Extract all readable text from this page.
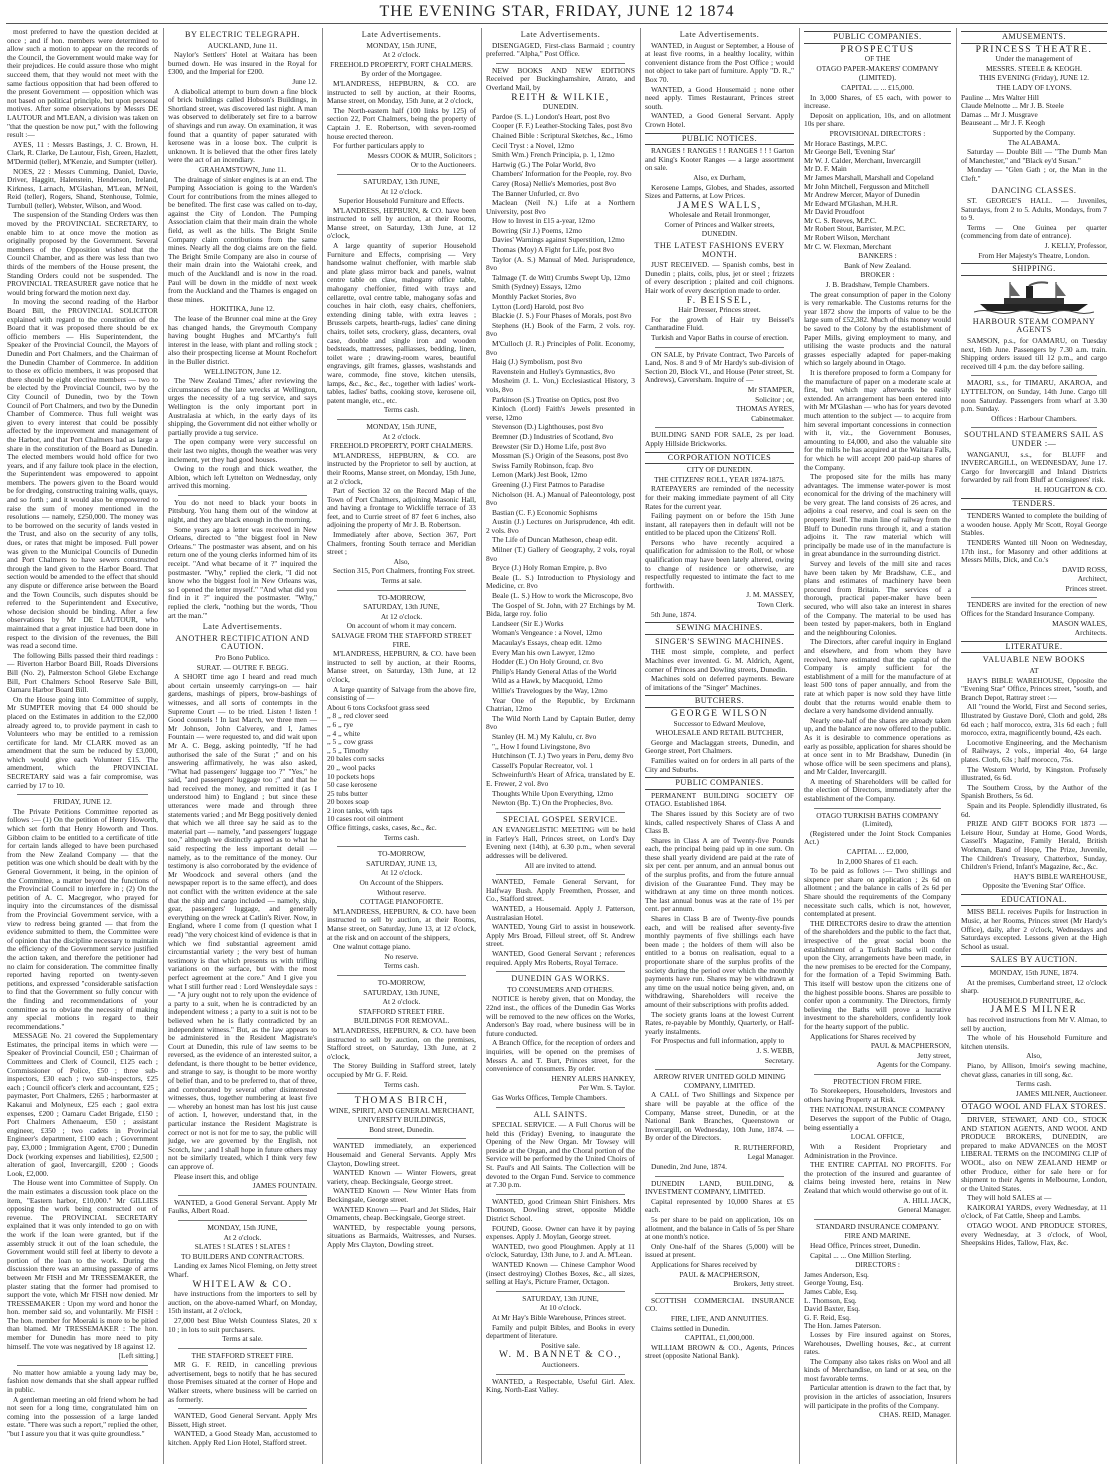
THE EVENING STAR, FRIDAY, JUNE 12 1874
most preferred to have the question decided at once ; and if hon. members were determined to allow such a motion to appear on the records of the Council, the Government would make way for their prejudices. He could assure those who might succeed them, that they would not meet with the same factious opposition that had been offered to the present Government — opposition which was not based on political principle, but upon personal motives. After some observations by Messrs DE LAUTOUR and M'LEAN, a division was taken on "that the question be now put," with the following result :—
AYES, 11 : Messrs Bastings, J. C. Brown, H. Clark, R. Clarke, De Lautour, Fish, Green, Hazlett, M'Dermid (teller), M'Kenzie, and Sumpter (teller).
NOES, 22 : Messrs Cumming, Daniel, Davie, Driver, Haggitt, Halenstein, Henderson, Ireland, Kirkness, Larnach, M'Glashan, M'Lean, M'Neil, Reid (teller), Rogers, Shand, Stenhouse, Tolmie, Turnbull (teller), Webster, Wilson, and Wood.
The suspension of the Standing Orders was then moved by the PROVINCIAL SECRETARY, to enable him to at once move the motion as originally proposed by the Government. Several members of the Opposition wished that the Council Chamber, and as there was less than two thirds of the members of the House present, the Standing Orders could not be suspended. The PROVINCIAL TREASURER gave notice that he would bring forward the motion next day.
In moving the second reading of the Harbor Board Bill, the PROVINCIAL SOLICITOR explained with regard to the constitution of the Board that it was proposed there should be ex officio members — His Superintendent, the Speaker of the Provincial Council, the Mayors of Dunedin and Port Chalmers, and the Chairman of the Dunedin Chamber of Commerce. In addition to those ex officio members, it was proposed that there should be eight elective members — two to be elected by the Provincial Council, two by the City Council of Dunedin, two by the Town Council of Port Chalmers, and two by the Dunedin Chamber of Commerce. Thus full weight was given to every interest that could be possibly affected by the improvement and management of the Harbor, and that Port Chalmers had as large a share in the constitution of the Board as Dunedin. The elected members would hold office for two years, and if any failure took place in the election, the Superintendent was empowered to appoint members. The powers given to the Board would be for dredging, constructing training walls, quays, and so forth ; and it would also be empowered to raise the sum of money mentioned in the resolutions — namely, £250,000. The money was to be borrowed on the security of lands vested in the Trust, and also on the security of any tolls, dues, or rates that might be imposed. Full power was given to the Municipal Councils of Dunedin and Port Chalmers to have sewers constructed through the land given to the Harbor Board. That section would be amended to the effect that should any dispute or difference arise between the Board and the Town Councils, such disputes should be referred to the Superintendent and Executive, whose decision should be binding. After a few observations by Mr DE LAUTOUR, who maintained that a great injustice had been done in respect to the division of the revenues, the Bill was read a second time.
The following Bills passed their third readings :— Riverton Harbor Board Bill, Roads Diversions Bill (No. 2), Palmerston School Glebe Exchange Bill, Port Chalmers School Reserve Sale Bill, Oamaru Harbor Board Bill.
On the House going into Committee of supply, Mr SUMPTER moving that £4 000 should be placed on the Estimates in addition to the £2,000 already agreed to, to provide payment in cash to Volunteers who may be entitled to a remission certificate for land. Mr CLARK moved as an amendment that the sum be reduced by £3,000, which would give each Volunteer £15. The amendment, which the PROVINCIAL SECRETARY said was a fair compromise, was carried by 17 to 10.
FRIDAY, JUNE 12.
The Private Petitions Committee reported as follows :— (1) On the petition of Henry Howorth, which set forth that Henry Howorth and Thos. Gibbon claim to be entitled to a certificate of title for certain lands alleged to have been purchased from the New Zealand Company — that the petition was one which should be dealt with by the General Government, it being, in the opinion of the Committee, a matter beyond the functions of the Provincial Council to interfere in ; (2) On the petition of A. C. Macgregor, who prayed for inquiry into the circumstances of the dismissal from the Provincial Government service, with a view to redress being granted — that from the evidence submitted to them, the Committee were of opinion that the discipline necessary to maintain the efficiency of the Government service justified the action taken, and therefore the petitioner had no claim for consideration. The committee finally reported having reported on twenty-seven petitions, and expressed "considerable satisfaction to find that the Government so fully concur with the finding and recommendations of your committee as to obviate the necessity of making any special motions in regard to their recommendations."
MESSAGE No. 21 covered the Supplementary Estimates, the principal items in which were — Speaker of Provincial Council, £50 ; Chairman of Committees and Clerk of Council, £125 each ; Commissioner of Police, £50 ; three sub-inspectors, £30 each ; two sub-inspectors, £25 each ; Council officer's clerk and accountant, £25 ; paymaster, Port Chalmers, £265 ; harbormaster at Kakanui and Molyneux, £25 each ; gaol extra expenses, £200 ; Oamaru Cadet Brigade, £150 ; Port Chalmers Athenaeum, £50 ; assistant engineer, £350 ; two cadets in Provincial Engineer's department, £100 each ; Government pay, £3,000 ; Immigration Agent, £700 ; Dunedin Dock (working expenses and liabilities), £2,500 ; alteration of gaol, Invercargill, £200 ; Goods Look, £2,000.
The House went into Committee of Supply. On the main estimates a discussion took place on the item, "Eastern harbor, £10,000." Mr GILLIES opposing the work being constructed out of revenue. The PROVINCIAL SECRETARY explained that it was only intended to go on with the work if the loan were granted, but if the assembly struck it out of the loan schedule, the Government would still feel at liberty to devote a portion of the loan to the work. During the discussion there was an amusing passage of arms between Mr FISH and Mr TRESSEMAKER, the plaster stating that the former had promised to support the vote, which Mr FISH now denied. Mr TRESSEMAKER : Upon my word and honor the hon. member said so, and voluntarily. Mr FISH : The hon. member for Moeraki is more to be pitied than blamed. Mr TRESSEMAKER : The hon. member for Dunedin has more need to pity himself. The vote was negatived by 18 against 12.
[Left sitting.]
No matter how amiable a young lady may be, fashion now demands that she shall appear ruffled in public.
A gentleman meeting an old friend whom he had not seen for a long time, congratulated him on coming into the possession of a large landed estate. "There was such a report," replied the other, "but I assure you that it was quite groundless."
BY ELECTRIC TELEGRAPH.
AUCKLAND, June 11.
Naylor's Settlers' Hotel at Waitara has been burned down. He was insured in the Royal for £300, and the Imperial for £200.
June 12.
A diabolical attempt to burn down a fine block of brick buildings called Hobson's Buildings, in Shortland street, was discovered last night. A man was observed to deliberately set fire to a barrow of shavings and run away. On examination, it was found that a quantity of paper saturated with kerosene was in a loose box. The culprit is unknown. It is believed that the other fires lately were the act of an incendiary.
GRAHAMSTOWN, June 11.
The drainage of sinker engines is at an end. The Pumping Association is going to the Warden's Court for contributions from the mines alleged to be benefited. The first case was called on to-day, against the City of London. The Pumping Association claim that their main drain the whole field, as well as the hills. The Bright Smile Company claim contributions from the same mines. Nearly all the dog claims are on the field. The Bright Smile Company are also in course of their main drain into the Waiotahi creek, and much of the Aucklandl and is now in the road. Paul will be down in the middle of next week from the Auckland and the Thames is engaged on these mines.
HOKITIKA, June 12.
The lease of the Brunner coal mine at the Grey has changed hands, the Greymouth Company having bought Hughes and M'Carthy's full interest in the lease, with plant and rolling stock ; also their prospecting license at Mount Rochefort in the Buller district.
WELLINGTON, June 12.
The 'New Zealand Times,' after reviewing the circumstances of the late wrecks at Wellington, urges the necessity of a tug service, and says Wellington is the only important port in Australasia at which, in the early days of its shipping, the Government did not either wholly or partially provide a tug service.
The open company were very successful on their last two nights, though the weather was very inclement, yet they had good houses.
Owing to the rough and thick weather, the Albion, which left Lyttelton on Wednesday, only arrived this morning.
You do not need to black your boots in Pittsburg. You hang them out of the window at night, and they are black enough in the morning.
Some years ago a letter was received in New Orleans, directed to "the biggest fool in New Orleans." The postmaster was absent, and on his return one of the young clerks informed him of its receipt. "And what became of it ?" inquired the postmaster. "Why," replied the clerk, "I did not know who the biggest fool in New Orleans was, so I opened the letter myself." "And what did you find in it ?" inquired the postmaster. "Why," replied the clerk, "nothing but the words, 'Thou art the man.'"
Late Advertisements.
ANOTHER RECTIFICATION AND CAUTION.
Pro Bono Publico.
SURAT. — OUTRE F. BEGG.
A SHORT time ago I heard and read much about certain unseemly carryings-on — hair gardens, mashings of pipers, brow-bashings of witnesses, and all sorts of contempts in the Supreme Court — to be tried. Listen ! listen ! Good counsels ! In last March, we three men — Mr Johnson, John Calverey, and I, James Fountain — were requested to, and did wait upon Mr A. C. Begg, asking pointedly, "If he had authorised the sale of the Surat ;" and on his answering affirmatively, he was also asked, "What had passengers' luggage too ?" "Yes," he said, "and passengers' luggage too ;" and that he had received the money, and remitted it (as I understood him) to England ; but since these utterances were made and through three statements varied ; and Mr Begg positively denied that which we all three say he said as to the material part — namely, "and passengers' luggage too," although we distinctly agreed as to what he said respecting the less important detail — namely, as to the remittance of the money. Our testimony is also corroborated by the evidence of Mr Woodcock and several others (and the newspaper report is to the same effect), and does not conflict with the written evidence at the sale that the ship and cargo included — namely, ship, gear, passengers' luggage, and generally everything on the wreck at Catlin's River. Now, in England, where I come from (I question what I read) "the very choicest kind of evidence is that in which we find substantial agreement amid circumstantial variety ; the very best of human testimony is that which presents us with trifling variations on the surface, but with the most perfect agreement at the core." And I give you what I still further read : Lord Wensleydale says :— "A jury ought not to rely upon the evidence of a party to a suit, when he is contradicted by an independent witness ; a party to a suit is not to be believed when he is flatly contradicted by an independent witness." But, as the law appears to be administered in the Resident Magistrate's Court at Dunedin, this rule of law seems to be reversed, as the evidence of an interested suitor, a defendant, is there thought to be better evidence, and strange to say, is thought to be more worthy of belief than, and to be preferred to, that of three, and corroborated by several other disinterested witnesses, thus, together numbering at least five — whereby an honest man has lost his just cause of action. I, however, understand that, in the particular instance the Resident Magistrate is correct or not is not for me to say, the public will judge, we are governed by the English, not Scotch, law ; and I shall hope in future others may not be similarly treated, which I think very few can approve of.
Please insert this, and oblige
JAMES FOUNTAIN.
WANTED, a Good General Servant. Apply Mr Faulks, Albert Road.
MONDAY, 15th JUNE,
At 2 o'clock.
SLATES ! SLATES ! SLATES !
TO BUILDERS AND CONTRACTORS.
Landing ex James Nicol Fleming, on Jetty street Wharf.
WHITELAW & CO.
have instructions from the importers to sell by auction, on the above-named Wharf, on Monday, 15th instant, at 2 o'clock,
27,000 best Blue Welsh Countess Slates, 20 x 10 ; in lots to suit purchasers.
Terms at sale.
THE STAFFORD STREET FIRE.
MR G. F. REID, in cancelling previous advertisement, begs to notify that he has secured those Premises situated at the corner of Hope and Walker streets, where business will be carried on as formerly.
WANTED, Good General Servant. Apply Mrs Bissett, High street.
WANTED, a Good Steady Man, accustomed to kitchen. Apply Red Lion Hotel, Stafford street.
Late Advertisements.
MONDAY, 15th JUNE,
At 2 o'clock.
FREEHOLD PROPERTY, FORT CHALMERS.
By order of the Mortgagee.
M'LANDRESS, HEPBURN, & CO. are instructed to sell by auction, at their Rooms, Manse street, on Monday, 15th June, at 2 o'clock,
The North-eastern half (100 links by 125) of section 22, Port Chalmers, being the property of Captain J. E. Robertson, with seven-roomed house erected thereon.
For further particulars apply to
Messrs COOK & MUIR, Solicitors ;
Or to the Auctioneers.
SATURDAY, 13th JUNE,
At 12 o'clock.
Superior Household Furniture and Effects.
M'LANDRESS, HEPBURN, & CO. have been instructed to sell by auction, at their Rooms, Manse street, on Saturday, 13th June, at 12 o'clock,
A large quantity of superior Household Furniture and Effects, comprising — Very handsome walnut cheffonier, with marble slab and plate glass mirror back and panels, walnut centre table on claw, mahogany office table, mahogany cheffonier, fitted with trays and cellarette, oval centre table, mahogany sofas and couches in hair cloth, easy chairs, cheffoniers, extending dining table, with extra leaves ; Brussels carpets, hearth-rugs, ladies' cane dining chairs, toilet sets, crockery, glass, decanters, oval case, double and single iron and wooden bedsteads, mattresses, palliasses, bedding, linen, toilet ware ; drawing-room wares, beautiful engravings, gilt frames, glasses, washstands and ware, commode, fine stove, kitchen utensils, lamps, &c., &c., &c., together with ladies' work-tables, ladies' baths, cooking stove, kerosene oil, patent mangle, etc., etc.
Terms cash.
MONDAY, 15th JUNE,
At 2 o'clock.
FREEHOLD PROPERTY, PORT CHALMERS.
M'LANDRESS, HEPBURN, & CO. are instructed by the Proprietor to sell by auction, at their Rooms, Manse street, on Monday, 15th June, at 2 o'clock,
Part of Section 32 on the Record Map of the Town of Port Chalmers, adjoining Masonic Hall, and having a frontage to Wickliffe terrace of 33 feet, and to Currie street of 87 feet 6 inches, also adjoining the property of Mr J. B. Robertson.
Immediately after above, Section 367, Port Chalmers, fronting South terrace and Meridian street ;
Also,
Section 315, Port Chalmers, fronting Fox street.
Terms at sale.
TO-MORROW,
SATURDAY, 13th JUNE,
At 12 o'clock.
On account of whom it may concern.
SALVAGE FROM THE STAFFORD STREET FIRE.
M'LANDRESS, HEPBURN, & CO. have been instructed to sell by auction, at their Rooms, Manse street, on Saturday, 13th June, at 12 o'clock,
A large quantity of Salvage from the above fire, consisting of —
About 6 tons Cocksfoot grass seed
,, 8 ,, red clover seed
,, 6 ,, rye
,, 4 ,, white
,, 5 ,, cow grass
,, 5 ,, Timothy
20 bales corn sacks
20 ,, wool packs
10 pockets hops
50 case kerosene
25 tubs butter
20 boxes soap
2 iron tanks, with taps
10 cases root oil ointment
Office fittings, casks, cases, &c., &c.
Terms cash.
TO-MORROW,
SATURDAY, JUNE 13,
At 12 o'clock.
On Account of the Shippers.
Without reserve.
COTTAGE PIANOFORTE.
M'LANDRESS, HEPBURN, & CO. have been instructed to sell by auction, at their Rooms, Manse street, on Saturday, June 13, at 12 o'clock, at the risk and on account of the shippers,
One walnut cottage piano.
No reserve.
Terms cash.
TO-MORROW,
SATURDAY, 13th JUNE,
At 2 o'clock.
STAFFORD STREET FIRE.
BUILDINGS FOR REMOVAL.
M'LANDRESS, HEPBURN, & CO. have been instructed to sell by auction, on the premises, Stafford street, on Saturday, 13th June, at 2 o'clock,
The Storey Building in Stafford street, lately occupied by Mr G. F. Reid.
Terms cash.
THOMAS BIRCH,
WINE, SPIRIT, AND GENERAL MERCHANT,
UNIVERSITY BUILDINGS,
Bond street, Dunedin.
WANTED immediately, an experienced Housemaid and General Servants. Apply Mrs Clayton, Dowling street.
WANTED Known — Winter Flowers, great variety, cheap. Beckingsale, George street.
WANTED Known — New Winter Hats from Beckingsale, George street.
WANTED Known — Pearl and Jet Slides, Hair Ornaments, cheap. Beckingsale, George street.
WANTED, by respectable young persons, situations as Barmaids, Waitresses, and Nurses. Apply Mrs Clayton, Dowling street.
Late Advertisements.
DISENGAGED, First-class Barmaid ; country preferred. "Alpha," Post Office.
NEW BOOKS AND NEW EDITIONS Received per Buckinghamshire, Atrato, and Overland Mail, by
REITH & WILKIE,
DUNEDIN.
Pardoe (S. L.) London's Heart, post 8vo
Cooper (F. F.) Leather-Stocking Tales, post 8vo
Chained Bible : Scriptural Sketches, &c., 16mo
Cecil Tryst : a Novel, 12mo
Smith Wm.) French Principia, p. 1, 12mo
Hartwig (G.) The Polar World, 8vo
Chambers' Information for the People, roy. 8vo
Carey (Rosa) Nellie's Memories, post 8vo
The Banner Unfurled, cr. 8vo
Maclean (Neil N.) Life at a Northern University, post 8vo
How to Invest in £15 a-year, 12mo
Bowring (Sir J.) Poems, 12mo
Davies' Warnings against Superstition, 12mo
Thomas (Moy) A Fight for Life, post 8vo
Taylor (A. S.) Manual of Med. Jurisprudence, 8vo
Talmage (T. de Witt) Crumbs Swept Up, 12mo
Smith (Sydney) Essays, 12mo
Monthly Packet Stories, 8vo
Lytton (Lord) Harold, post 8vo
Blackie (J. S.) Four Phases of Morals, post 8vo
Stephens (H.) Book of the Farm, 2 vols. roy. 8vo
M'Culloch (J. R.) Principles of Polit. Economy, 8vo
Haig (J.) Symbolism, post 8vo
Ravenstein and Hulley's Gymnastics, 8vo
Mosheim (J. L. Von,) Ecclesiastical History, 3 vols, 8vo
Parkinson (S.) Treatise on Optics, post 8vo
Kinloch (Lord) Faith's Jewels presented in verse, 12mo
Stevenson (D.) Lighthouses, post 8vo
Bremner (D.) Industries of Scotland, 8vo
Brewster (Sir D.) Home Life, post 8vo
Mossman (S.) Origin of the Seasons, post 8vo
Swiss Family Robinson, fcap. 8vo
Lemon (Mark) Jest Book, 12mo
Greening (J.) First Patmos to Paradise
Nicholson (H. A.) Manual of Paleontology, post 8vo
Bastian (C. F.) Economic Sophisms
Austin (J.) Lectures on Jurisprudence, 4th edit. 2 vols. 8vo
The Life of Duncan Matheson, cheap edit.
Milner (T.) Gallery of Geography, 2 vols, royal 8vo
Bryce (J.) Holy Roman Empire, p. 8vo
Beale (L. S.) Introduction to Physiology and Medicine, cr. 8vo
Beale (L. S.) How to work the Microscope, 8vo
The Gospel of St. John, with 27 Etchings by M. Bida, large roy. folio
Landseer (Sir E.) Works
Woman's Vengeance : a Novel, 12mo
Macaulay's Essays, cheap edit. 12mo
Every Man his own Lawyer, 12mo
Hodder (E.) On Holy Ground, cr. 8vo
Philip's Handy General Atlas of the World
Wild as a Hawk, by Macquoid, 12mo
Willie's Travelogues by the Way, 12mo
Year One of the Republic, by Erckmann Chatrian, 12mo
The Wild North Land by Captain Butler, demy 8vo
Stanley (H. M.) My Kalulu, cr. 8vo
",, How I found Livingstone, 8vo
Hutchinson (T. J.) Two years in Peru, demy 8vo
Cassell's Popular Recreator, vol. 1
Schweinfurth's Heart of Africa, translated by E. E. Frewer, 2 vol. 8vo
Thoughts While Upon Everything, 12mo
Newton (Bp. T.) On the Prophecies, 8vo.
SPECIAL GOSPEL SERVICE.
AN EVANGELISTIC MEETING will be held in Farley's Hall, Princes street, on Lord's Day Evening next (14th), at 6.30 p.m., when several addresses will be delivered.
All are invited to attend.
WANTED, Female General Servant, for Halfway Bush. Apply Freemthen, Prosser, and Co., Stafford street.
WANTED, a Housemaid. Apply J. Patterson, Australasian Hotel.
WANTED, Young Girl to assist in housework. Apply Mrs Broad, Filleul street, off St. Andrew street.
WANTED, Good General Servant ; references required. Apply Mrs Roberts, Royal Terrace.
DUNEDIN GAS WORKS.
TO CONSUMERS AND OTHERS.
NOTICE is hereby given, that on Monday, the 22nd inst., the offices of the Dunedin Gas Works will be removed to the new offices on the Works, Anderson's Bay road, where business will be in future conducted.
A Branch Office, for the reception of orders and inquiries, will be opened on the premises of Messrs A. and T. Burt, Princes street, for the convenience of consumers. By order.
HENRY ALERS HANKEY,
Per Wm. S. Taylor.
Gas Works Offices, Temple Chambers.
ALL SAINTS.
SPECIAL SERVICE. — A Full Chorus will be held this (Friday) Evening, to inaugurate the Opening of the New Organ. Mr Towsey will preside at the Organ, and the Choral portion of the Service will be performed by the United Choirs of St. Paul's and All Saints. The Collection will be devoted to the Organ Fund. Service to commence at 7.30 p.m.
WANTED, good Crimean Shirt Finishers. Mrs Thomson, Dowling street, opposite Middle District School.
FOUND, Goose. Owner can have it by paying expenses. Apply J. Moylan, George street.
WANTED, two good Ploughmen. Apply at 11 o'clock, Saturday, 13th June, to J. and A. M'Lean.
WANTED Known — Chinese Camphor Wood (insect destroying) Clothes Boxes, &c., all sizes, selling at Hay's, Picture Framer, Octagon.
SATURDAY, 13th JUNE,
At 10 o'clock.
At Mr Hay's Bible Warehouse, Princes street.
Family and pulpit Bibles, and Books in every department of literature.
Positive sale.
W. M. BANNET & CO.,
Auctioneers.
WANTED, a Respectable, Useful Girl. Alex. King, North-East Valley.
Late Advertisements.
WANTED, in August or September, a House of at least five rooms, in a healthy locality, within convenient distance from the Post Office ; would not object to take part of furniture. Apply "D. R.," Box 70.
WANTED, a Good Housemaid ; none other need apply. Times Restaurant, Princes street south.
WANTED, a Good General Servant. Apply Crown Hotel.
PUBLIC NOTICES.
RANGES ! RANGES ! ! RANGES ! ! ! Garton and King's Kooter Ranges — a large assortment on sale.
Also, ex Durham,
Kerosene Lamps, Globes, and Shades, assorted Sizes and Patterns, at Low Prices.
JAMES WALLS,
Wholesale and Retail Ironmonger,
Corner of Princes and Walker streets,
DUNEDIN.
THE LATEST FASHIONS EVERY MONTH.
JUST RECEIVED. — Spanish combs, best in Dunedin ; plaits, coils, plus, jet or steel ; frizzets of every description ; plaited and coil chignons. Hair work of every description made to order.
F. BEISSEL,
Hair Dresser, Princes street.
For the growth of Hair try Beissel's Cantharadine Fluid.
Turkish and Vapor Baths in course of erection.
ON SALE, by Private Contract, Two Parcels of Land, Nos. 8 and 9 of Mr Hardy's sub-division of Section 20, Block VI., and House (Peter street, St. Andrews), Caversham. Inquire of —
Mr STAMPER,
Solicitor ; or,
THOMAS AYRES,
Cabinetmaker.
BUILDING SAND FOR SALE, 2s per load. Apply Hillside Brickworks.
CORPORATION NOTICES
CITY OF DUNEDIN.
THE CITIZENS' ROLL, YEAR 1874-1875.
RATEPAYERS are reminded of the necessity for their making immediate payment of all City Rates for the current year.
Failing payment on or before the 15th June instant, all ratepayers then in default will not be entitled to be placed upon the Citizens' Roll.
Persons who have recently acquired a qualification for admission to the Roll, or whose qualification may have been lately altered, owing to change of residence or otherwise, are respectfully requested to intimate the fact to me forthwith.
J. M. MASSEY,
Town Clerk.
5th June, 1874.
SEWING MACHINES.
SINGER'S SEWING MACHINES.
THE most simple, complete, and perfect Machines ever invented. G. M. Aldrich, Agent, corner of Princes and Dowling streets, Dunedin.
Machines sold on deferred payments. Beware of imitations of the "Singer" Machines.
BUTCHERS.
GEORGE WILSON
Successor to Edward Meulove,
WHOLESALE AND RETAIL BUTCHER,
George and Maclaggan streets, Dunedin, and George street, Port Chalmers.
Families waited on for orders in all parts of the City and Suburbs.
PUBLIC COMPANIES.
PERMANENT BUILDING SOCIETY OF OTAGO. Established 1864.
The Shares issued by this Society are of two kinds, called respectively Shares of Class A and Class B.
Shares in Class A are of Twenty-five Pounds each, the principal being paid up in one sum. On these shall yearly dividend are paid at the rate of six per cent. per annum, and an annual bonus out of the surplus profits, and from the future annual division of the Guarantee Fund. They may be withdrawn at any time on three month notices. The last annual bonus was at the rate of 1½ per cent. per annum.
Shares in Class B are of Twenty-five pounds each, and will be realised after seventy-five monthly payments of five shillings each have been made ; the holders of them will also be entitled to a bonus on realisation, equal to a proportionate share of the surplus profits of the society during the period over which the monthly payments have run. Shares may be withdrawn at any time on the usual notice being given, and, on withdrawing, Shareholders will receive the amount of their subscriptions with profits added.
The society grants loans at the lowest Current Rates, re-payable by Monthly, Quarterly, or Half-yearly instalments.
For Prospectus and full information, apply to
J. S. WEBB,
Secretary.
ARROW RIVER UNITED GOLD MINING COMPANY, LIMITED.
A CALL of Two Shillings and Sixpence per share will be payable at the office of the Company, Manse street, Dunedin, or at the National Bank Branches, Queenstown or Invercargill, on Wednesday, 10th June, 1874. — By order of the Directors.
R. RUTHERFORD,
Legal Manager.
Dunedin, 2nd June, 1874.
DUNEDIN LAND, BUILDING, & INVESTMENT COMPANY, LIMITED.
Capital represented by 10,000 Shares at £5 each.
5s per share to be paid on application, 10s on allotment, and the balance in Calls of 5s per Share at one month's notice.
Only One-half of the Shares (5,000) will be issued at present.
Applications for Shares received by
PAUL & MACPHERSON,
Brokers, Jetty street.
SCOTTISH COMMERCIAL INSURANCE CO.
FIRE, LIFE, AND ANNUITIES.
Claims settled in Dunedin.
CAPITAL, £1,000,000.
WILLIAM BROWN & CO., Agents, Princes street (opposite National Bank).
PUBLIC COMPANIES.
PROSPECTUS
OF THE
OTAGO PAPER-MAKERS' COMPANY
(LIMITED).
CAPITAL ... ... £15,000.
In 3,000 Shares, of £5 each, with power to increase.
Deposit on application, 10s, and on allotment 10s per share.
PROVISIONAL DIRECTORS :
Mr Horace Bastings, M.P.C.
Mr George Bell, 'Evening Star'
Mr W. J. Calder, Merchant, Invercargill
Mr D. F. Main
Mr James Marshall, Marshall and Copeland
Mr John Mitchell, Fergusson and Mitchell
Mr Andrew Mercer, Mayor of Dunedin
Mr Edward M'Glashan, M.H.R.
Mr David Proudfoot
Mr C. S. Reeves, M.P.C.
Mr Robert Stout, Barrister, M.P.C.
Mr Robert Wilson, Merchant
Mr C. W. Flexman, Merchant
BANKERS :
Bank of New Zealand.
BROKER :
J. B. Bradshaw, Temple Chambers.
The great consumption of paper in the Colony is very remarkable. The Customs returns for the year 1872 show the imports of value to be the large sum of £52,382. Much of this money would be saved to the Colony by the establishment of Paper Mills, giving employment to many, and utilising the waste products and the natural grasses especially adapted for paper-making which so largely abound in Otago.
It is therefore proposed to form a Company for the manufacture of paper on a moderate scale at first, but which may afterwards be easily extended. An arrangement has been entered into with Mr M'Glashan — who has for years devoted much attention to the subject — to acquire from him several important concessions in connection with it, viz., the Government Bonuses, amounting to £4,000, and also the valuable site for the mills he has acquired at the Waitara Falls, for which he will accept 200 paid-up shares of the Company.
The proposed site for the mills has many advantages. The immense water-power is most economical for the driving of the machinery will be very great. The land consists of 26 acres, and adjoins a coal reserve, and coal is seen on the property itself. The main line of railway from the Bluff to Dunedin runs through it, and a station adjoins it. The raw material which will principally be made use of in the manufacture is in great abundance in the surrounding district.
Survey and levels of the mill site and races have been taken by Mr Bradshaw, C.E., and plans and estimates of machinery have been procured from Britain. The services of a thorough, practical paper-maker have been secured, who will also take an interest in shares of the Company. The material to be used has been tested by paper-makers, both in England and the neighbouring Colonies.
The Directors, after careful inquiry in England and elsewhere, and from whom they have received, have estimated that the capital of the Company is amply sufficient for the establishment of a mill for the manufacture of at least 500 tons of paper annually, and from the rate at which paper is now sold they have little doubt that the returns would enable them to declare a very handsome dividend annually.
Nearly one-half of the shares are already taken up, and the balance are now offered to the public. As it is desirable to commence operations as early as possible, application for shares should be at once sent in to Mr Bradshaw, Dunedin (in whose office will be seen specimens and plans), and Mr Calder, Invercargill.
A meeting of Shareholders will be called for the election of Directors, immediately after the establishment of the Company.
OTAGO TURKISH BATHS COMPANY (Limited),
(Registered under the Joint Stock Companies Act.)
CAPITAL ... £2,000,
In 2,000 Shares of £1 each.
To be paid as follows :— Two shillings and sixpence per share on application ; 2s 6d on allotment ; and the balance in calls of 2s 6d per Share should the requirements of the Company necessitate such calls, which is not, however, contemplated at present.
THE DIRECTORS desire to draw the attention of the shareholders and the public to the fact that, irrespective of the great social boon the establishment of a Turkish Baths will confer upon the City, arrangements have been made, in the new premises to be erected for the Company, for the formation of a Tepid Swimming Bath. This itself will bestow upon the citizens one of the highest possible boons. Shares are possible to confer upon a community. The Directors, firmly believing the Baths will prove a lucrative investment to the shareholders, confidently look for the hearty support of the public.
Applications for Shares received by
PAUL & MACPHERSON,
Jetty street,
Agents for the Company.
PROTECTION FROM FIRE.
To Storekeepers, Householders, Investors and others having Property at Risk.
THE NATIONAL INSURANCE COMPANY
Deserves the support of the Public of Otago, being essentially a
LOCAL OFFICE,
With a Resident Proprietary and Administration in the Province.
THE ENTIRE CAPITAL NO PROFITS. For the protection of the insured and guarantee of claims being invested here, retains in New Zealand that which would otherwise go out of it.
A. HILL JACK,
General Manager.
STANDARD INSURANCE COMPANY.
FIRE AND MARINE.
Head Office, Princes street, Dunedin.
Capital ... ... One Million Sterling.
DIRECTORS :
James Anderson, Esq.
George Young, Esq.
James Cable, Esq.
L. Thomson, Esq.
David Baxter, Esq.
G. F. Reid, Esq.
The Hon. James Paterson.
Losses by Fire insured against on Stores, Warehouses, Dwelling houses, &c., at current rates.
The Company also takes risks on Wool and all kinds of Merchandise, on land or at sea, on the most favorable terms.
Particular attention is drawn to the fact that, by provision in the articles of association, Insurers will participate in the profits of the Company.
CHAS. REID, Manager.
AMUSEMENTS.
PRINCESS THEATRE.
Under the management of
MESSRS. STEELE & KEOGH.
THIS EVENING (Friday), JUNE 12.
THE LADY OF LYONS.
Pauline ... Mrs Walter Hill
Claude Melnotte ... Mr J. B. Steele
Damas ... Mr J. Musgrave
Beauseant ... Mr J. F. Keogh
Supported by the Company.
The ALABAMA.
Saturday — Double Bill — "The Dumb Man of Manchester," and "Black ey'd Susan."
Monday — "Glen Gath ; or, the Man in the Cleft."
DANCING CLASSES.
ST. GEORGE'S HALL. — Juveniles, Saturdays, from 2 to 5. Adults, Mondays, from 7 to 9.
Terms — One Guinea per quarter (commencing from date of entrance).
J. KELLY, Professor,
From Her Majesty's Theatre, London.
SHIPPING.
HARBOUR STEAM COMPANY AGENTS
SAMSON, p.s., for OAMARU, on Tuesday next, 16th June. Passengers by 7.30 a.m. train. Shipping orders issued till 12 p.m., and cargo received till 4 p.m. the day before sailing.
MAORI, s.s., for TIMARU, AKAROA, and LYTTELTON, on Sunday, 14th June. Cargo till noon Saturday. Passengers from wharf at 3.30 p.m. Sunday.
Offices : Harbour Chambers.
SOUTHLAND STEAMERS SAIL AS UNDER :—
WANGANUI, s.s., for BLUFF and INVERCARGILL, on WEDNESDAY, June 17. Cargo for Invercargill and Inland Districts forwarded by rail from Bluff at Consignees' risk.
H. HOUGHTON & CO.
TENDERS.
TENDERS Wanted to complete the building of a wooden house. Apply Mr Scott, Royal George Stables.
TENDERS Wanted till Noon on Wednesday, 17th inst., for Masonry and other additions at Messrs Mills, Dick, and Co.'s
DAVID ROSS,
Architect,
Princes street.
TENDERS are invited for the erection of new Offices for the Standard Insurance Company.
MASON WALES,
Architects.
LITERATURE.
VALUABLE NEW BOOKS
AT
HAY'S BIBLE WAREHOUSE, Opposite the "Evening Star" Office, Princes street, "south, and Branch Depot, Rattray street :—
All "round the World, First and Second series, Illustrated by Gustave Doré, Cloth and gold, 28s 6d each ; half morocco, extra, 31s 6d each ; full morocco, extra, magnificently bound, 42s each.
Locomotive Engineering, and the Mechanism of Railways, 2 vols., imperial 4to, 64 large plates. Cloth, 63s ; half morocco, 75s.
The Western World, by Kingston. Profusely illustrated, 6s 6d.
The Southern Cross, by the Author of the Spanish Brothers, 5s 6d.
Spain and its People. Splendidly illustrated, 6s 6d.
PRIZE AND GIFT BOOKS FOR 1873 — Leisure Hour, Sunday at Home, Good Words, Cassell's Magazine, Family Herald, British Workman, Band of Hope, The Prize, Juvenile, The Children's Treasury, Chatterbox, Sunday, Children's Friend, Infant's Magazine, &c., &c.
HAY'S BIBLE WAREHOUSE,
Opposite the 'Evening Star' Office.
EDUCATIONAL.
MISS BELL receives Pupils for Instruction in Music, at her Rooms, Princes street (Mr Hardy's Office), daily, after 2 o'clock, Wednesdays and Saturdays excepted. Lessons given at the High School as usual.
SALES BY AUCTION.
MONDAY, 15th JUNE, 1874.
At the premises, Cumberland street, 12 o'clock sharp.
HOUSEHOLD FURNITURE, &c.
JAMES MILNER
has received instructions from Mr V. Almao, to sell by auction,
The whole of his Household Furniture and kitchen utensils.
Also,
Piano, by Allison, Imoir's sewing machine, chevat glass, canaries in till song, &c.
Terms cash.
JAMES MILNER, Auctioneer.
OTAGO WOOL AND FLAX STORES.
DRIVER, STEWART, AND CO., STOCK AND STATION AGENTS, AND WOOL AND PRODUCE BROKERS, DUNEDIN, are prepared to make ADVANCES on the MOST LIBERAL TERMS on the INCOMING CLIP of WOOL, also on NEW ZEALAND HEMP or other Produce, either for sale here or for shipment to their Agents in Melbourne, London, or the United States.
They will hold SALES at —
KAIKORAI YARDS, every Wednesday, at 11 o'clock, of Fat Cattle, Sheep and Lambs.
OTAGO WOOL AND PRODUCE STORES, every Wednesday, at 3 o'clock, of Wool, Sheepskins Hides, Tallow, Flax, &c.
